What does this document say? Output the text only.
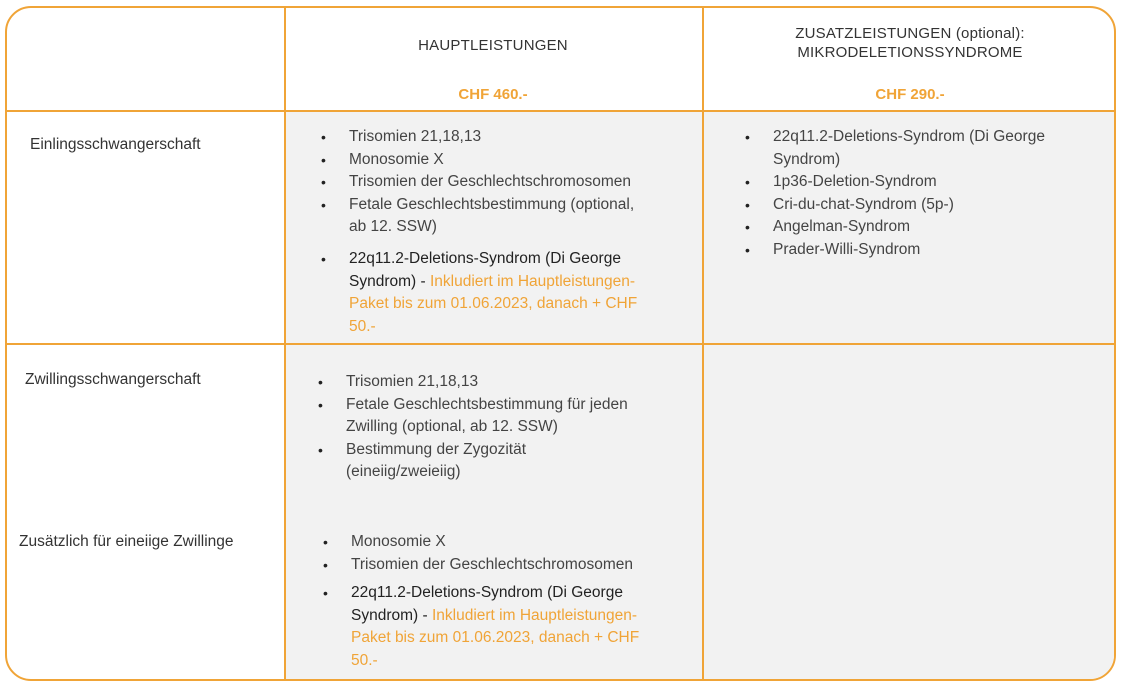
HAUPTLEISTUNGEN
CHF 460.-
ZUSATZLEISTUNGEN (optional):
MIKRODELETIONSSYNDROME
CHF 290.-
Einlingsschwangerschaft
Zwillingsschwangerschaft
Zusätzlich für eineiige Zwillinge
• Trisomien 21,18,13
• Monosomie X
• Trisomien der Geschlechtschromosomen
• Fetale Geschlechtsbestimmung (optional,
ab 12. SSW)
• 22q11.2-Deletions-Syndrom (Di George
Syndrom) - Inkludiert im Hauptleistungen-
Paket bis zum 01.06.2023, danach + CHF
50.-
• 22q11.2-Deletions-Syndrom (Di George
Syndrom)
• 1p36-Deletion-Syndrom
• Cri-du-chat-Syndrom (5p-)
• Angelman-Syndrom
• Prader-Willi-Syndrom
• Trisomien 21,18,13
• Fetale Geschlechtsbestimmung für jeden
Zwilling (optional, ab 12. SSW)
• Bestimmung der Zygozität
(eineiig/zweieiig)
• Monosomie X
• Trisomien der Geschlechtschromosomen
• 22q11.2-Deletions-Syndrom (Di George
Syndrom) - Inkludiert im Hauptleistungen-
Paket bis zum 01.06.2023, danach + CHF
50.-
